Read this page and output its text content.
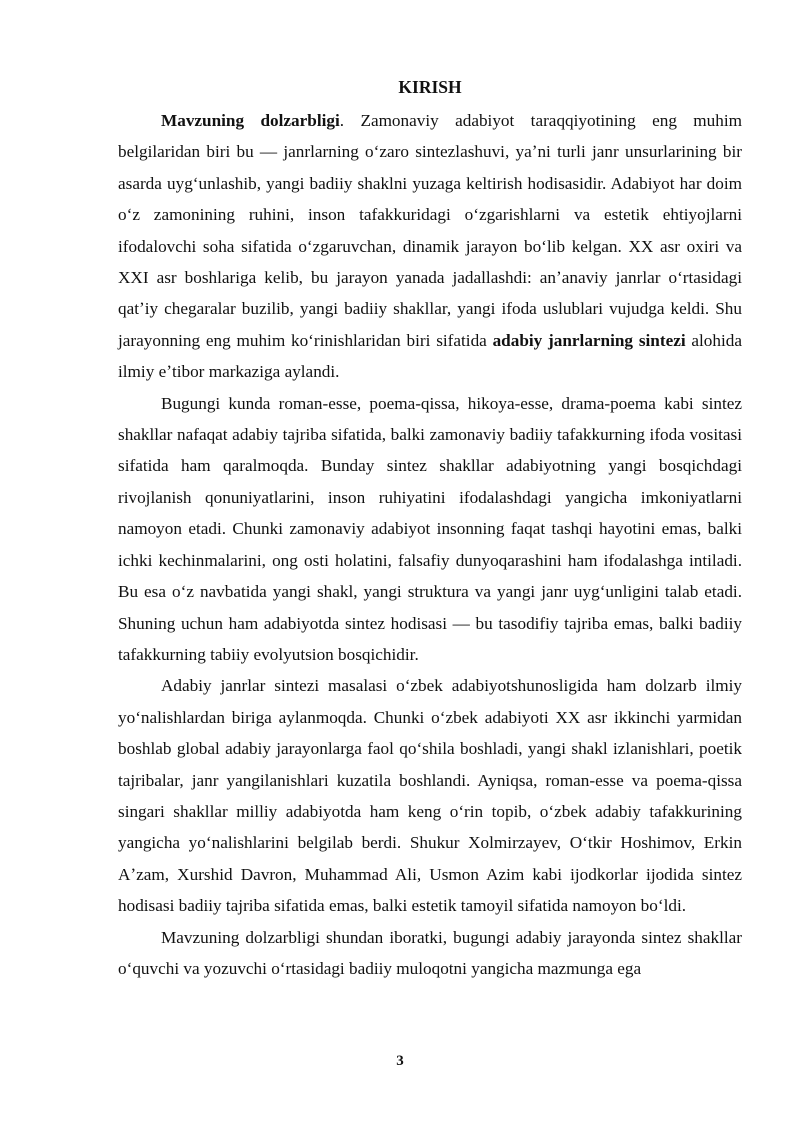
KIRISH

Mavzuning dolzarbligi. Zamonaviy adabiyot taraqqiyotining eng muhim belgilaridan biri bu — janrlarning oʻzaro sintezlashuvi, yaʼni turli janr unsurlarining bir asarda uygʻunlashib, yangi badiiy shaklni yuzaga keltirish hodisasidir. Adabiyot har doim oʻz zamonining ruhini, inson tafakkuridagi oʻzgarishlarni va estetik ehtiyojlarni ifodalovchi soha sifatida oʻzgaruvchan, dinamik jarayon boʻlib kelgan. XX asr oxiri va XXI asr boshlariga kelib, bu jarayon yanada jadallashdi: anʼanaviy janrlar oʻrtasidagi qatʼiy chegaralar buzilib, yangi badiiy shakllar, yangi ifoda uslublari vujudga keldi. Shu jarayonning eng muhim koʻrinishlaridan biri sifatida adabiy janrlarning sintezi alohida ilmiy eʼtibor markaziga aylandi.

Bugungi kunda roman-esse, poema-qissa, hikoya-esse, drama-poema kabi sintez shakllar nafaqat adabiy tajriba sifatida, balki zamonaviy badiiy tafakkurning ifoda vositasi sifatida ham qaralmoqda. Bunday sintez shakllar adabiyotning yangi bosqichdagi rivojlanish qonuniyatlarini, inson ruhiyatini ifodalashdagi yangicha imkoniyatlarni namoyon etadi. Chunki zamonaviy adabiyot insonning faqat tashqi hayotini emas, balki ichki kechinmalarini, ong osti holatini, falsafiy dunyoqarashini ham ifodalashga intiladi. Bu esa oʻz navbatida yangi shakl, yangi struktura va yangi janr uygʻunligini talab etadi. Shuning uchun ham adabiyotda sintez hodisasi — bu tasodifiy tajriba emas, balki badiiy tafakkurning tabiiy evolyutsion bosqichidir.

Adabiy janrlar sintezi masalasi oʻzbek adabiyotshunosligida ham dolzarb ilmiy yoʻnalishlardan biriga aylanmoqda. Chunki oʻzbek adabiyoti XX asr ikkinchi yarmidan boshlab global adabiy jarayonlarga faol qoʻshila boshladi, yangi shakl izlanishlari, poetik tajribalar, janr yangilanishlari kuzatila boshlandi. Ayniqsa, roman-esse va poema-qissa singari shakllar milliy adabiyotda ham keng oʻrin topib, oʻzbek adabiy tafakkurining yangicha yoʻnalishlarini belgilab berdi. Shukur Xolmirzayev, Oʻtkir Hoshimov, Erkin Aʼzam, Xurshid Davron, Muhammad Ali, Usmon Azim kabi ijodkorlar ijodida sintez hodisasi badiiy tajriba sifatida emas, balki estetik tamoyil sifatida namoyon boʻldi.

Mavzuning dolzarbligi shundan iboratki, bugungi adabiy jarayonda sintez shakllar oʻquvchi va yozuvchi oʻrtasidagi badiiy muloqotni yangicha mazmunga ega

3
